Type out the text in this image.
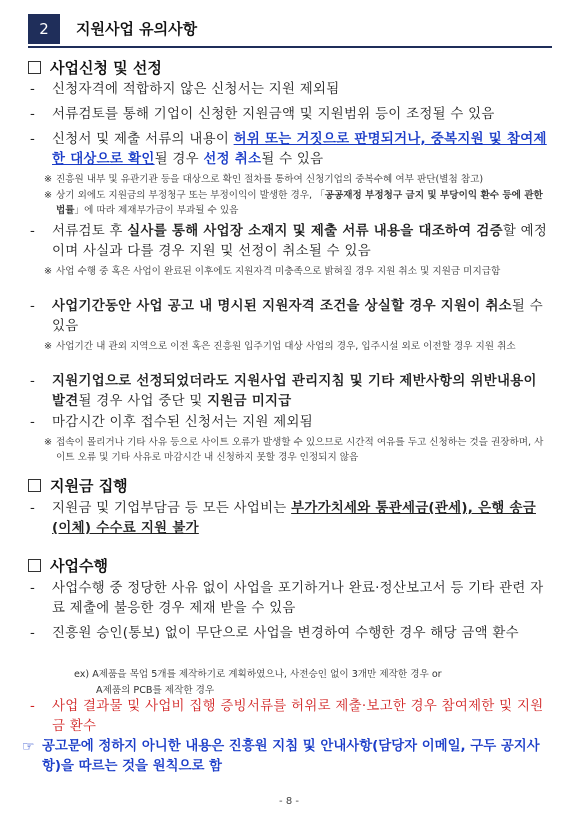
2	지원사업 유의사항
사업신청 및 선정
- 신청자격에 적합하지 않은 신청서는 지원 제외됨
- 서류검토를 통해 기업이 신청한 지원금액 및 지원범위 등이 조정될 수 있음
- 신청서 및 제출 서류의 내용이 허위 또는 거짓으로 판명되거나, 중복지원 및 참여제한 대상으로 확인될 경우 선정 취소될 수 있음
※ 진흥원 내부 및 유관기관 등을 대상으로 확인 절차를 통하여 신청기업의 중복수혜 여부 판단(별첨 참고)
※ 상기 외에도 지원금의 부정청구 또는 부정이익이 발생한 경우, 「공공재정 부정청구 금지 및 부당이익 환수 등에 관한 법률」에 따라 제재부가금이 부과될 수 있음
- 서류검토 후 실사를 통해 사업장 소재지 및 제출 서류 내용을 대조하여 검증할 예정이며 사실과 다를 경우 지원 및 선정이 취소될 수 있음
※ 사업 수행 중 혹은 사업이 완료된 이후에도 지원자격 미충족으로 밝혀질 경우 지원 취소 및 지원금 미지급함
- 사업기간동안 사업 공고 내 명시된 지원자격 조건을 상실할 경우 지원이 취소될 수 있음
※ 사업기간 내 관외 지역으로 이전 혹은 진흥원 입주기업 대상 사업의 경우, 입주시설 외로 이전할 경우 지원 취소
- 지원기업으로 선정되었더라도 지원사업 관리지침 및 기타 제반사항의 위반내용이 발견될 경우 사업 중단 및 지원금 미지급
- 마감시간 이후 접수된 신청서는 지원 제외됨
※ 접속이 몰리거나 기타 사유 등으로 사이트 오류가 발생할 수 있으므로 시간적 여유를 두고 신청하는 것을 권장하며, 사이트 오류 및 기타 사유로 마감시간 내 신청하지 못할 경우 인정되지 않음
지원금 집행
- 지원금 및 기업부담금 등 모든 사업비는 부가가치세와 통관세금(관세), 은행 송금(이체) 수수료 지원 불가
사업수행
- 사업수행 중 정당한 사유 없이 사업을 포기하거나 완료·정산보고서 등 기타 관련 자료 제출에 불응한 경우 제재 받을 수 있음
- 진흥원 승인(통보) 없이 무단으로 사업을 변경하여 수행한 경우 해당 금액 환수
ex) A제품을 목업 5개를 제작하기로 계획하였으나, 사전승인 없이 3개만 제작한 경우 or
A제품의 PCB를 제작한 경우
- 사업 결과물 및 사업비 집행 증빙서류를 허위로 제출·보고한 경우 참여제한 및 지원금 환수
☞ 공고문에 정하지 아니한 내용은 진흥원 지침 및 안내사항(담당자 이메일, 구두 공지사항)을 따르는 것을 원칙으로 함
- 8 -
